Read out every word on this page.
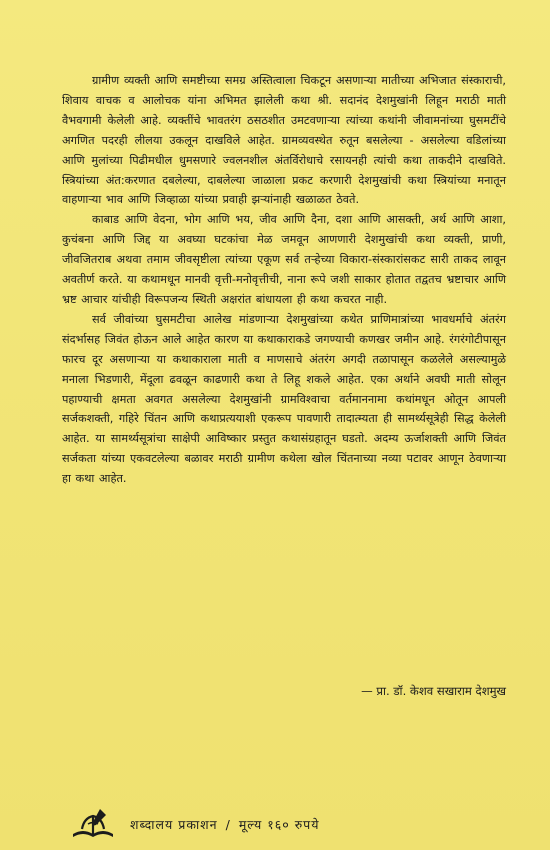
ग्रामीण व्यक्ती आणि समष्टीच्या समग्र अस्तित्वाला चिकटून असणाऱ्या मातीच्या अभिजात संस्काराची, शिवाय वाचक व आलोचक यांना अभिमत झालेली कथा श्री. सदानंद देशमुखांनी लिहून मराठी माती वैभवगामी केलेली आहे. व्यक्तींचे भावतरंग ठसठशीत उमटवणाऱ्या त्यांच्या कथांनी जीवामनांच्या घुसमटींचे अगणित पदरही लीलया उकलून दाखविले आहेत. ग्रामव्यवस्थेत रुतून बसलेल्या - असलेल्या वडिलांच्या आणि मुलांच्या पिढीमधील धुमसणारे ज्वलनशील अंतर्विरोधाचे रसायनही त्यांची कथा ताकदीने दाखविते. स्त्रियांच्या अंत:करणात दबलेल्या, दाबलेल्या जाळाला प्रकट करणारी देशमुखांची कथा स्त्रियांच्या मनातून वाहणाऱ्या भाव आणि जिव्हाळा यांच्या प्रवाही झऱ्यांनाही खळाळत ठेवते.

काबाड आणि वेदना, भोग आणि भय, जीव आणि दैना, दशा आणि आसक्ती, अर्थ आणि आशा, कुचंबना आणि जिद्द या अवघ्या घटकांचा मेळ जमवून आणणारी देशमुखांची कथा व्यक्ती, प्राणी, जीवजितराब अथवा तमाम जीवसृष्टीला त्यांच्या एकूण सर्व तऱ्हेच्या विकारा-संस्कारांसकट सारी ताकद लावून अवतीर्ण करते. या कथामधून मानवी वृत्ती-मनोवृत्तीची, नाना रूपे जशी साकार होतात तद्वतच भ्रष्टाचार आणि भ्रष्ट आचार यांचीही विरूपजन्य स्थिती अक्षरांत बांधायला ही कथा कचरत नाही.

सर्व जीवांच्या घुसमटीचा आलेख मांडणाऱ्या देशमुखांच्या कथेत प्राणिमात्रांच्या भावधर्माचे अंतरंग संदर्भासह जिवंत होऊन आले आहेत कारण या कथाकाराकडे जगण्याची कणखर जमीन आहे. रंगरंगोटीपासून फारच दूर असणाऱ्या या कथाकाराला माती व माणसाचे अंतरंग अगदी तळापासून कळलेले असल्यामुळे मनाला भिडणारी, मेंदूला ढवळून काढणारी कथा ते लिहू शकले आहेत. एका अर्थाने अवघी माती सोलून पहाण्याची क्षमता अवगत असलेल्या देशमुखांनी ग्रामविश्वाचा वर्तमाननामा कथांमधून ओतून आपली सर्जकशक्ती, गहिरे चिंतन आणि कथाप्रत्ययाशी एकरूप पावणारी तादात्म्यता ही सामर्थ्यसूत्रेही सिद्ध केलेली आहेत. या सामर्थ्यसूत्रांचा साक्षेपी आविष्कार प्रस्तुत कथासंग्रहातून घडतो. अदम्य ऊर्जाशक्ती आणि जिवंत सर्जकता यांच्या एकवटलेल्या बळावर मराठी ग्रामीण कथेला खोल चिंतनाच्या नव्या पटावर आणून ठेवणाऱ्या हा कथा आहेत.

— प्रा. डॉ. केशव सखाराम देशमुख
शब्दालय प्रकाशन / मूल्य १६० रुपये
